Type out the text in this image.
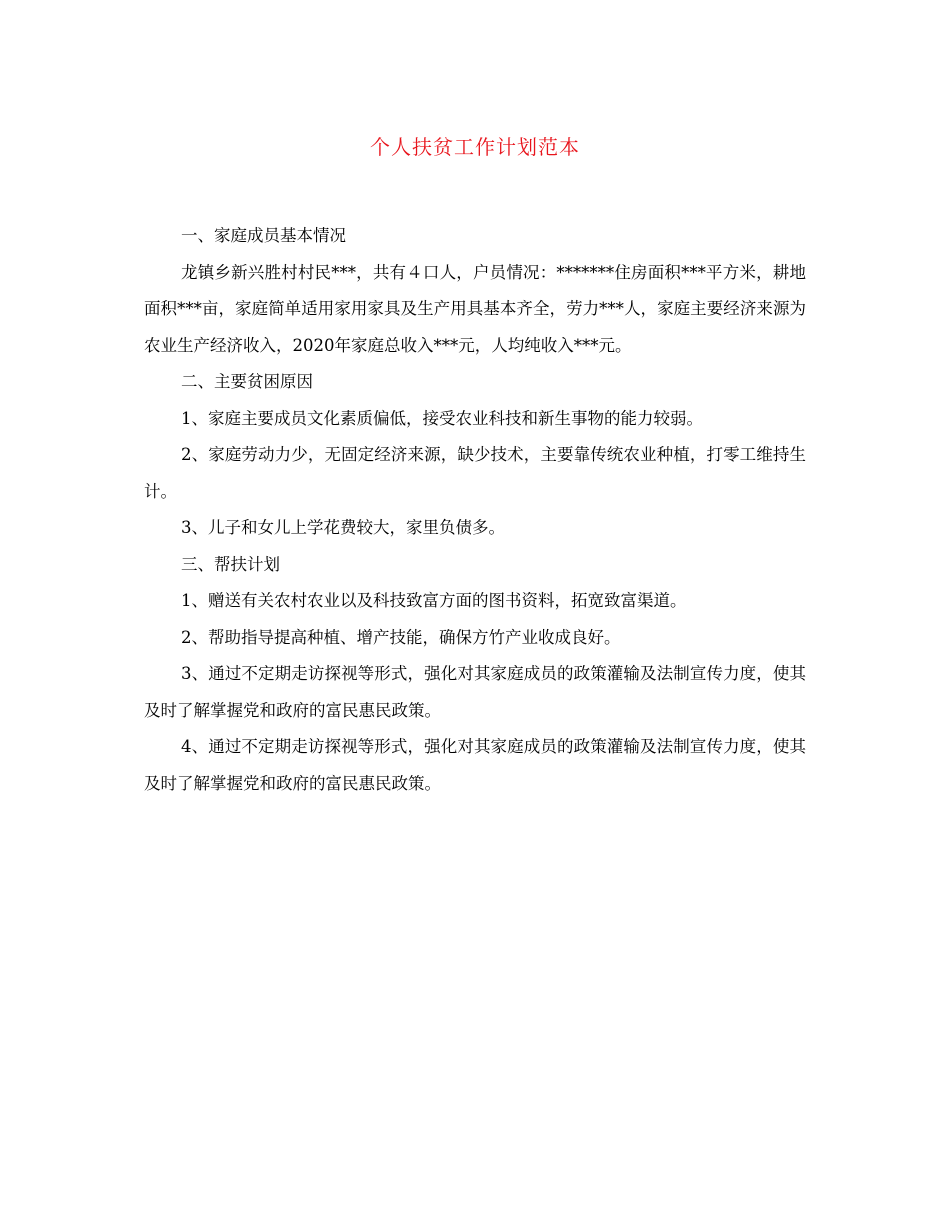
个人扶贫工作计划范本

一、家庭成员基本情况

龙镇乡新兴胜村村民***，共有４口人，户员情况：*******住房面积***平方米，耕地面积***亩，家庭简单适用家用家具及生产用具基本齐全，劳力***人，家庭主要经济来源为农业生产经济收入，2020年家庭总收入***元，人均纯收入***元。

二、主要贫困原因

1、家庭主要成员文化素质偏低，接受农业科技和新生事物的能力较弱。

2、家庭劳动力少，无固定经济来源，缺少技术，主要靠传统农业种植，打零工维持生计。

3、儿子和女儿上学花费较大，家里负债多。

三、帮扶计划

1、赠送有关农村农业以及科技致富方面的图书资料，拓宽致富渠道。

2、帮助指导提高种植、增产技能，确保方竹产业收成良好。

3、通过不定期走访探视等形式，强化对其家庭成员的政策灌输及法制宣传力度，使其及时了解掌握党和政府的富民惠民政策。

4、通过不定期走访探视等形式，强化对其家庭成员的政策灌输及法制宣传力度，使其及时了解掌握党和政府的富民惠民政策。
